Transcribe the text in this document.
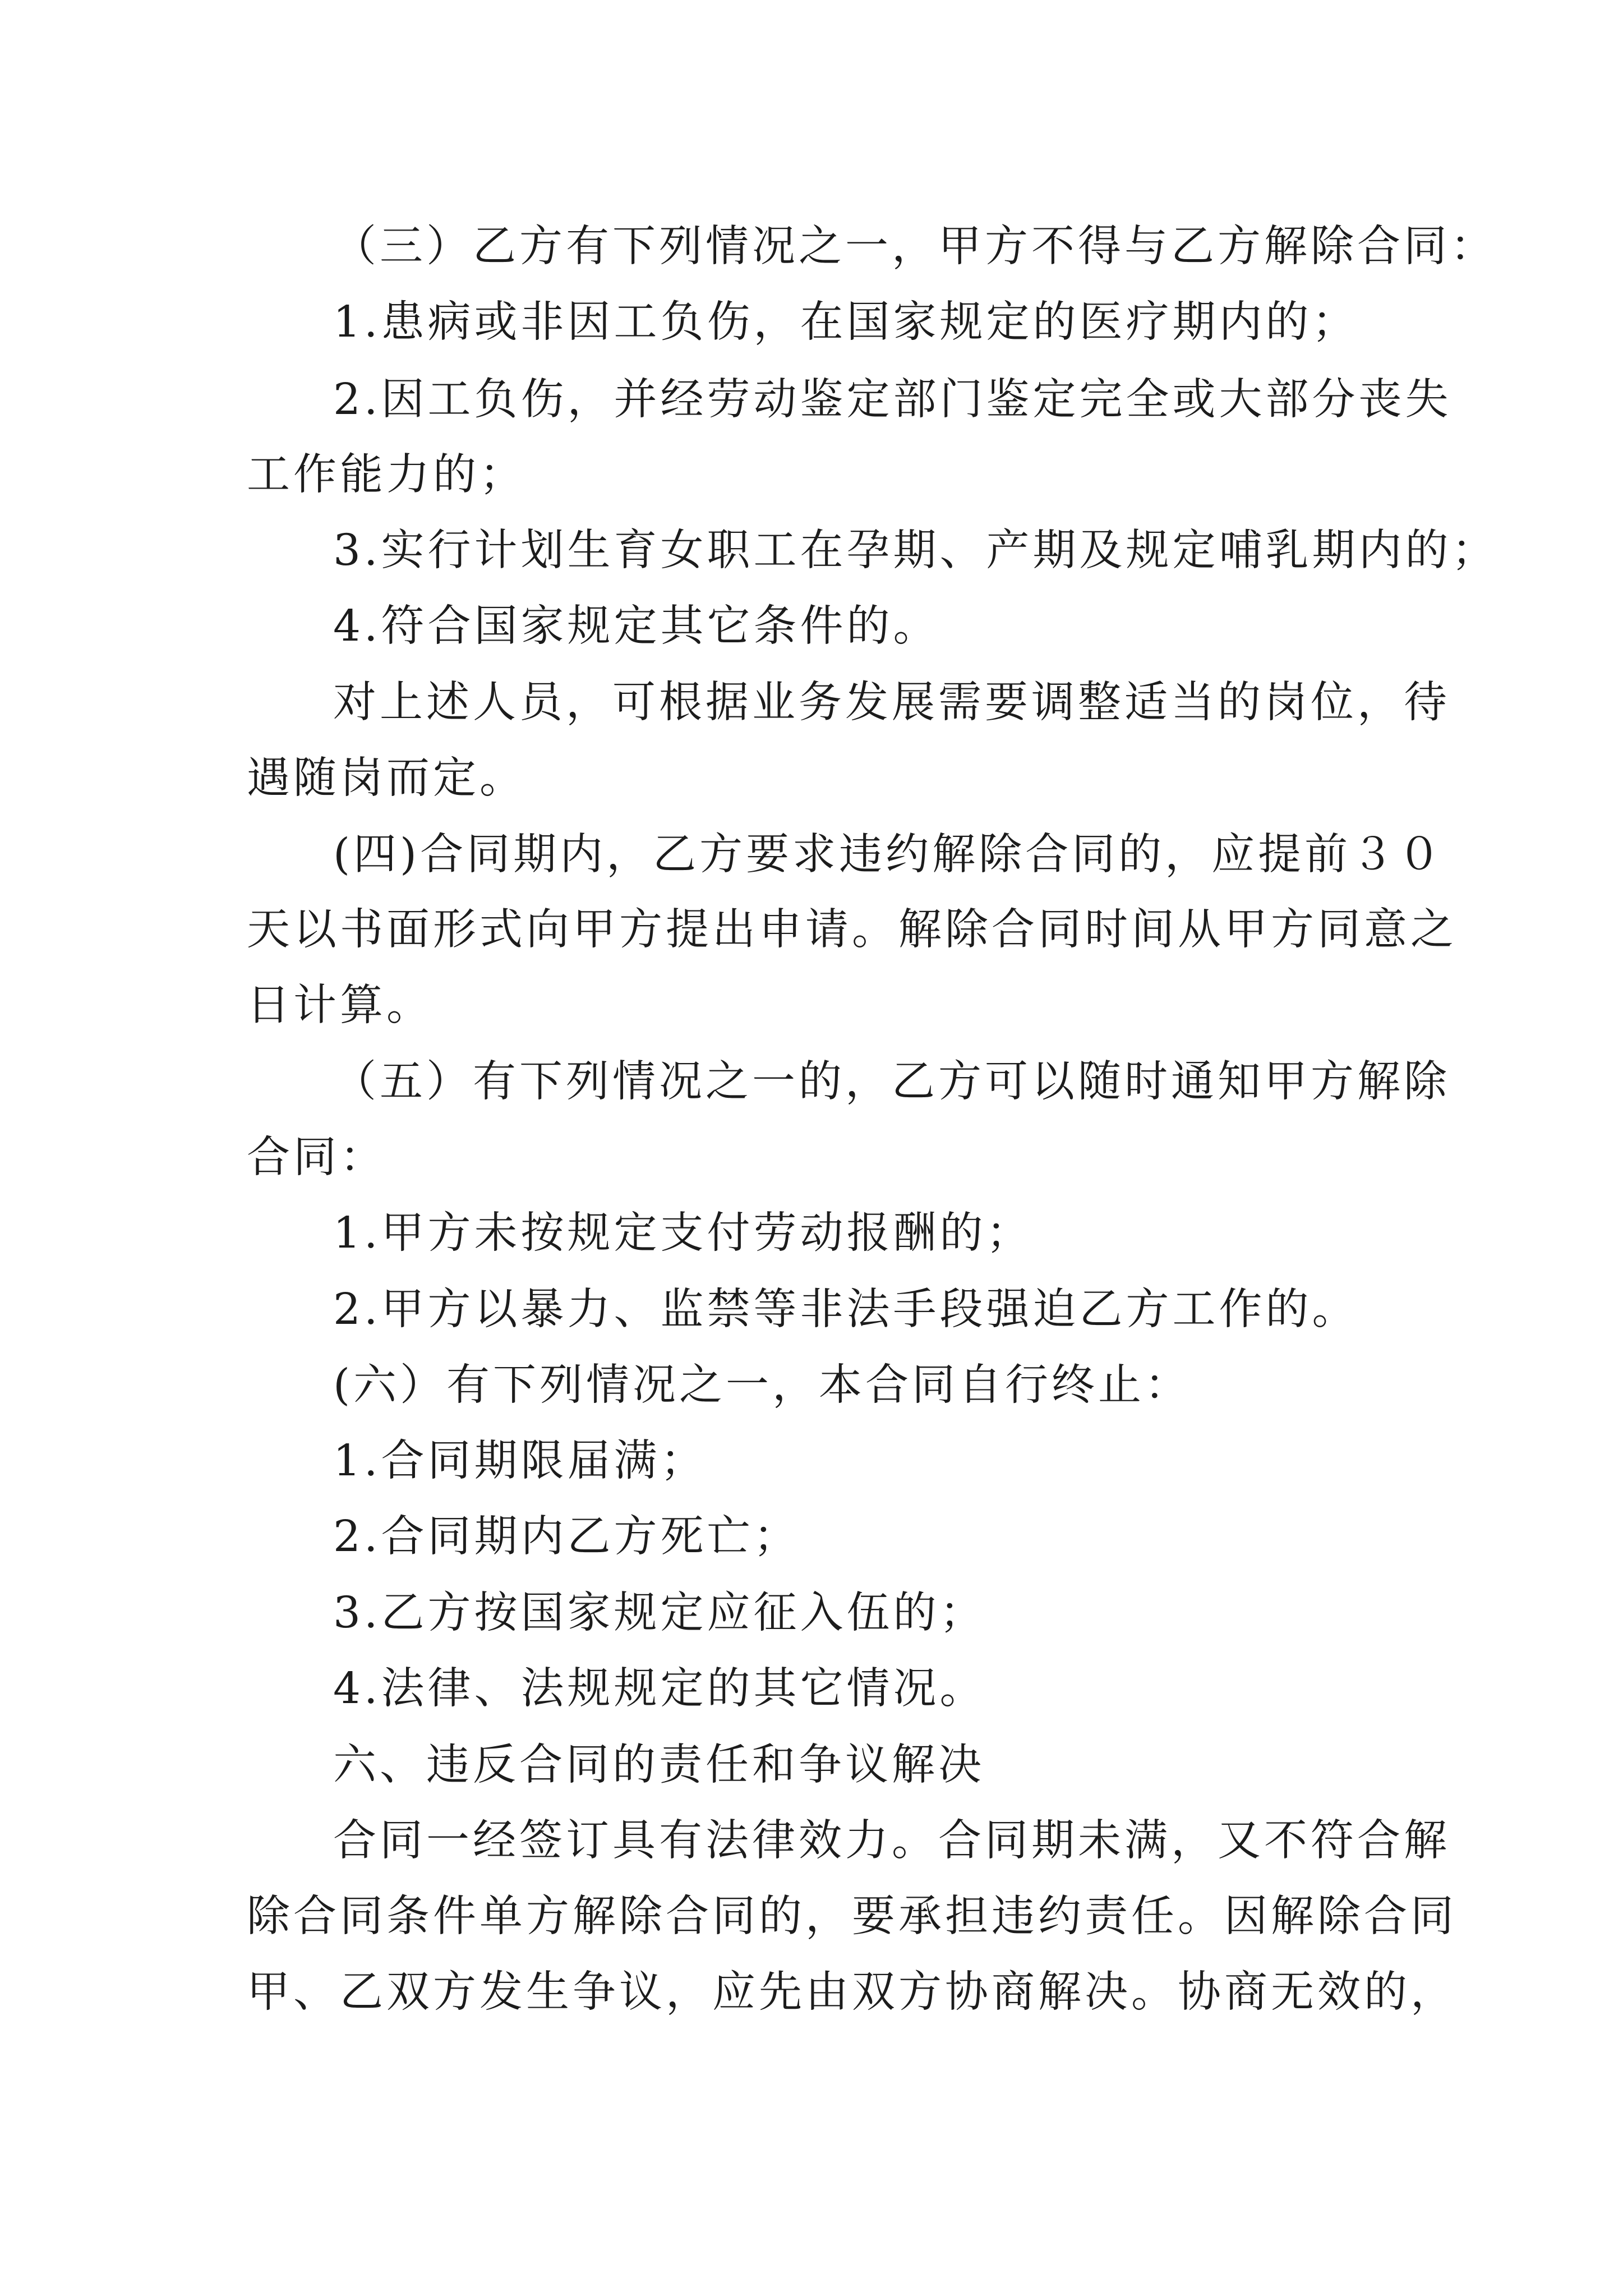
（三）乙方有下列情况之一，甲方不得与乙方解除合同：
1.患病或非因工负伤，在国家规定的医疗期内的；
2.因工负伤，并经劳动鉴定部门鉴定完全或大部分丧失
工作能力的；
3.实行计划生育女职工在孕期、产期及规定哺乳期内的；
4.符合国家规定其它条件的。
对上述人员，可根据业务发展需要调整适当的岗位，待
遇随岗而定。
(四)合同期内，乙方要求违约解除合同的，应提前３０
天以书面形式向甲方提出申请。解除合同时间从甲方同意之
日计算。
（五）有下列情况之一的，乙方可以随时通知甲方解除
合同：
1.甲方未按规定支付劳动报酬的；
2.甲方以暴力、监禁等非法手段强迫乙方工作的。
(六）有下列情况之一，本合同自行终止：
1.合同期限届满；
2.合同期内乙方死亡；
3.乙方按国家规定应征入伍的；
4.法律、法规规定的其它情况。
六、违反合同的责任和争议解决
合同一经签订具有法律效力。合同期未满，又不符合解
除合同条件单方解除合同的，要承担违约责任。因解除合同
甲、乙双方发生争议，应先由双方协商解决。协商无效的，
